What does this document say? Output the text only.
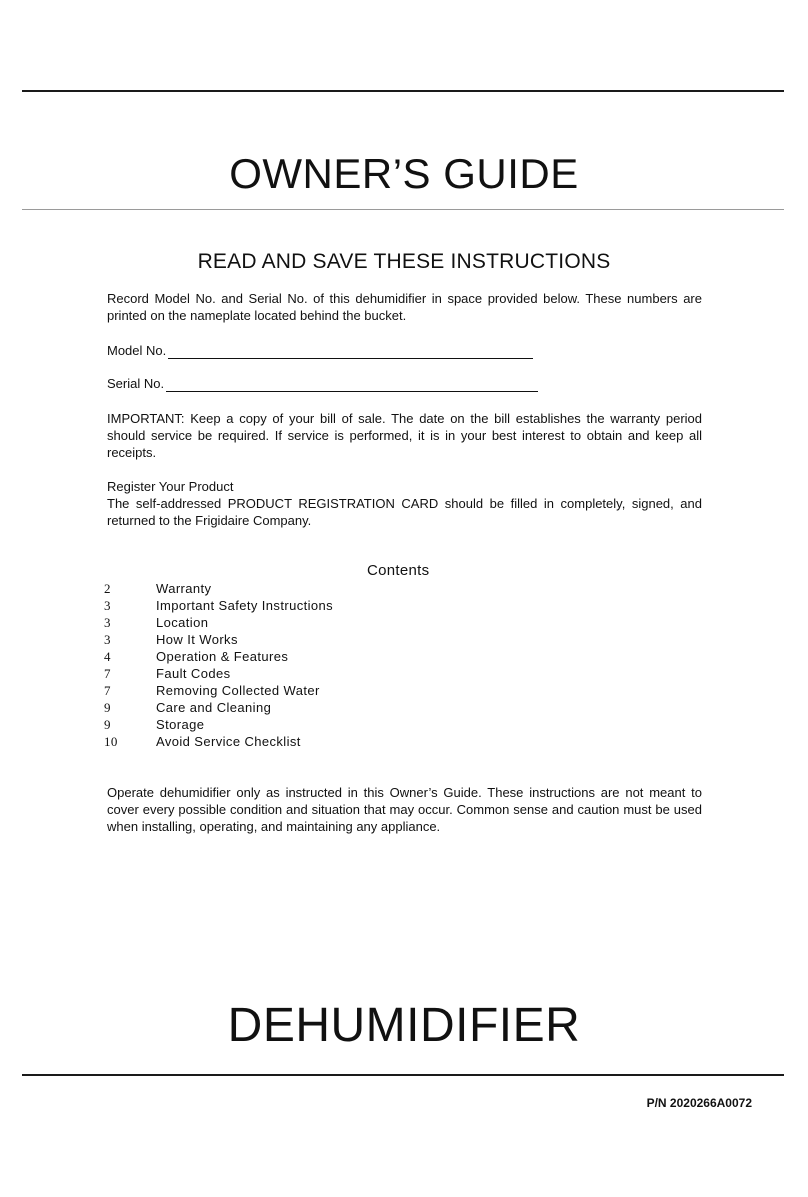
OWNER’S GUIDE
READ AND SAVE THESE INSTRUCTIONS

Record Model No. and Serial No. of this dehumidifier in space provided below. These numbers are printed on the nameplate located behind the bucket.

Model No.
Serial No.

IMPORTANT: Keep a copy of your bill of sale. The date on the bill establishes the warranty period should service be required. If service is performed, it is in your best interest to obtain and keep all receipts.

Register Your Product
The self-addressed PRODUCT REGISTRATION CARD should be filled in completely, signed, and returned to the Frigidaire Company.
Contents
2	Warranty
3	Important Safety Instructions
3	Location
3	How It Works
4	Operation & Features
7	Fault Codes
7	Removing Collected Water
9	Care and Cleaning
9	Storage
10	Avoid Service Checklist

Operate dehumidifier only as instructed in this Owner’s Guide. These instructions are not meant to cover every possible condition and situation that may occur. Common sense and caution must be used when installing, operating, and maintaining any appliance.

DEHUMIDIFIER
P/N 2020266A0072
